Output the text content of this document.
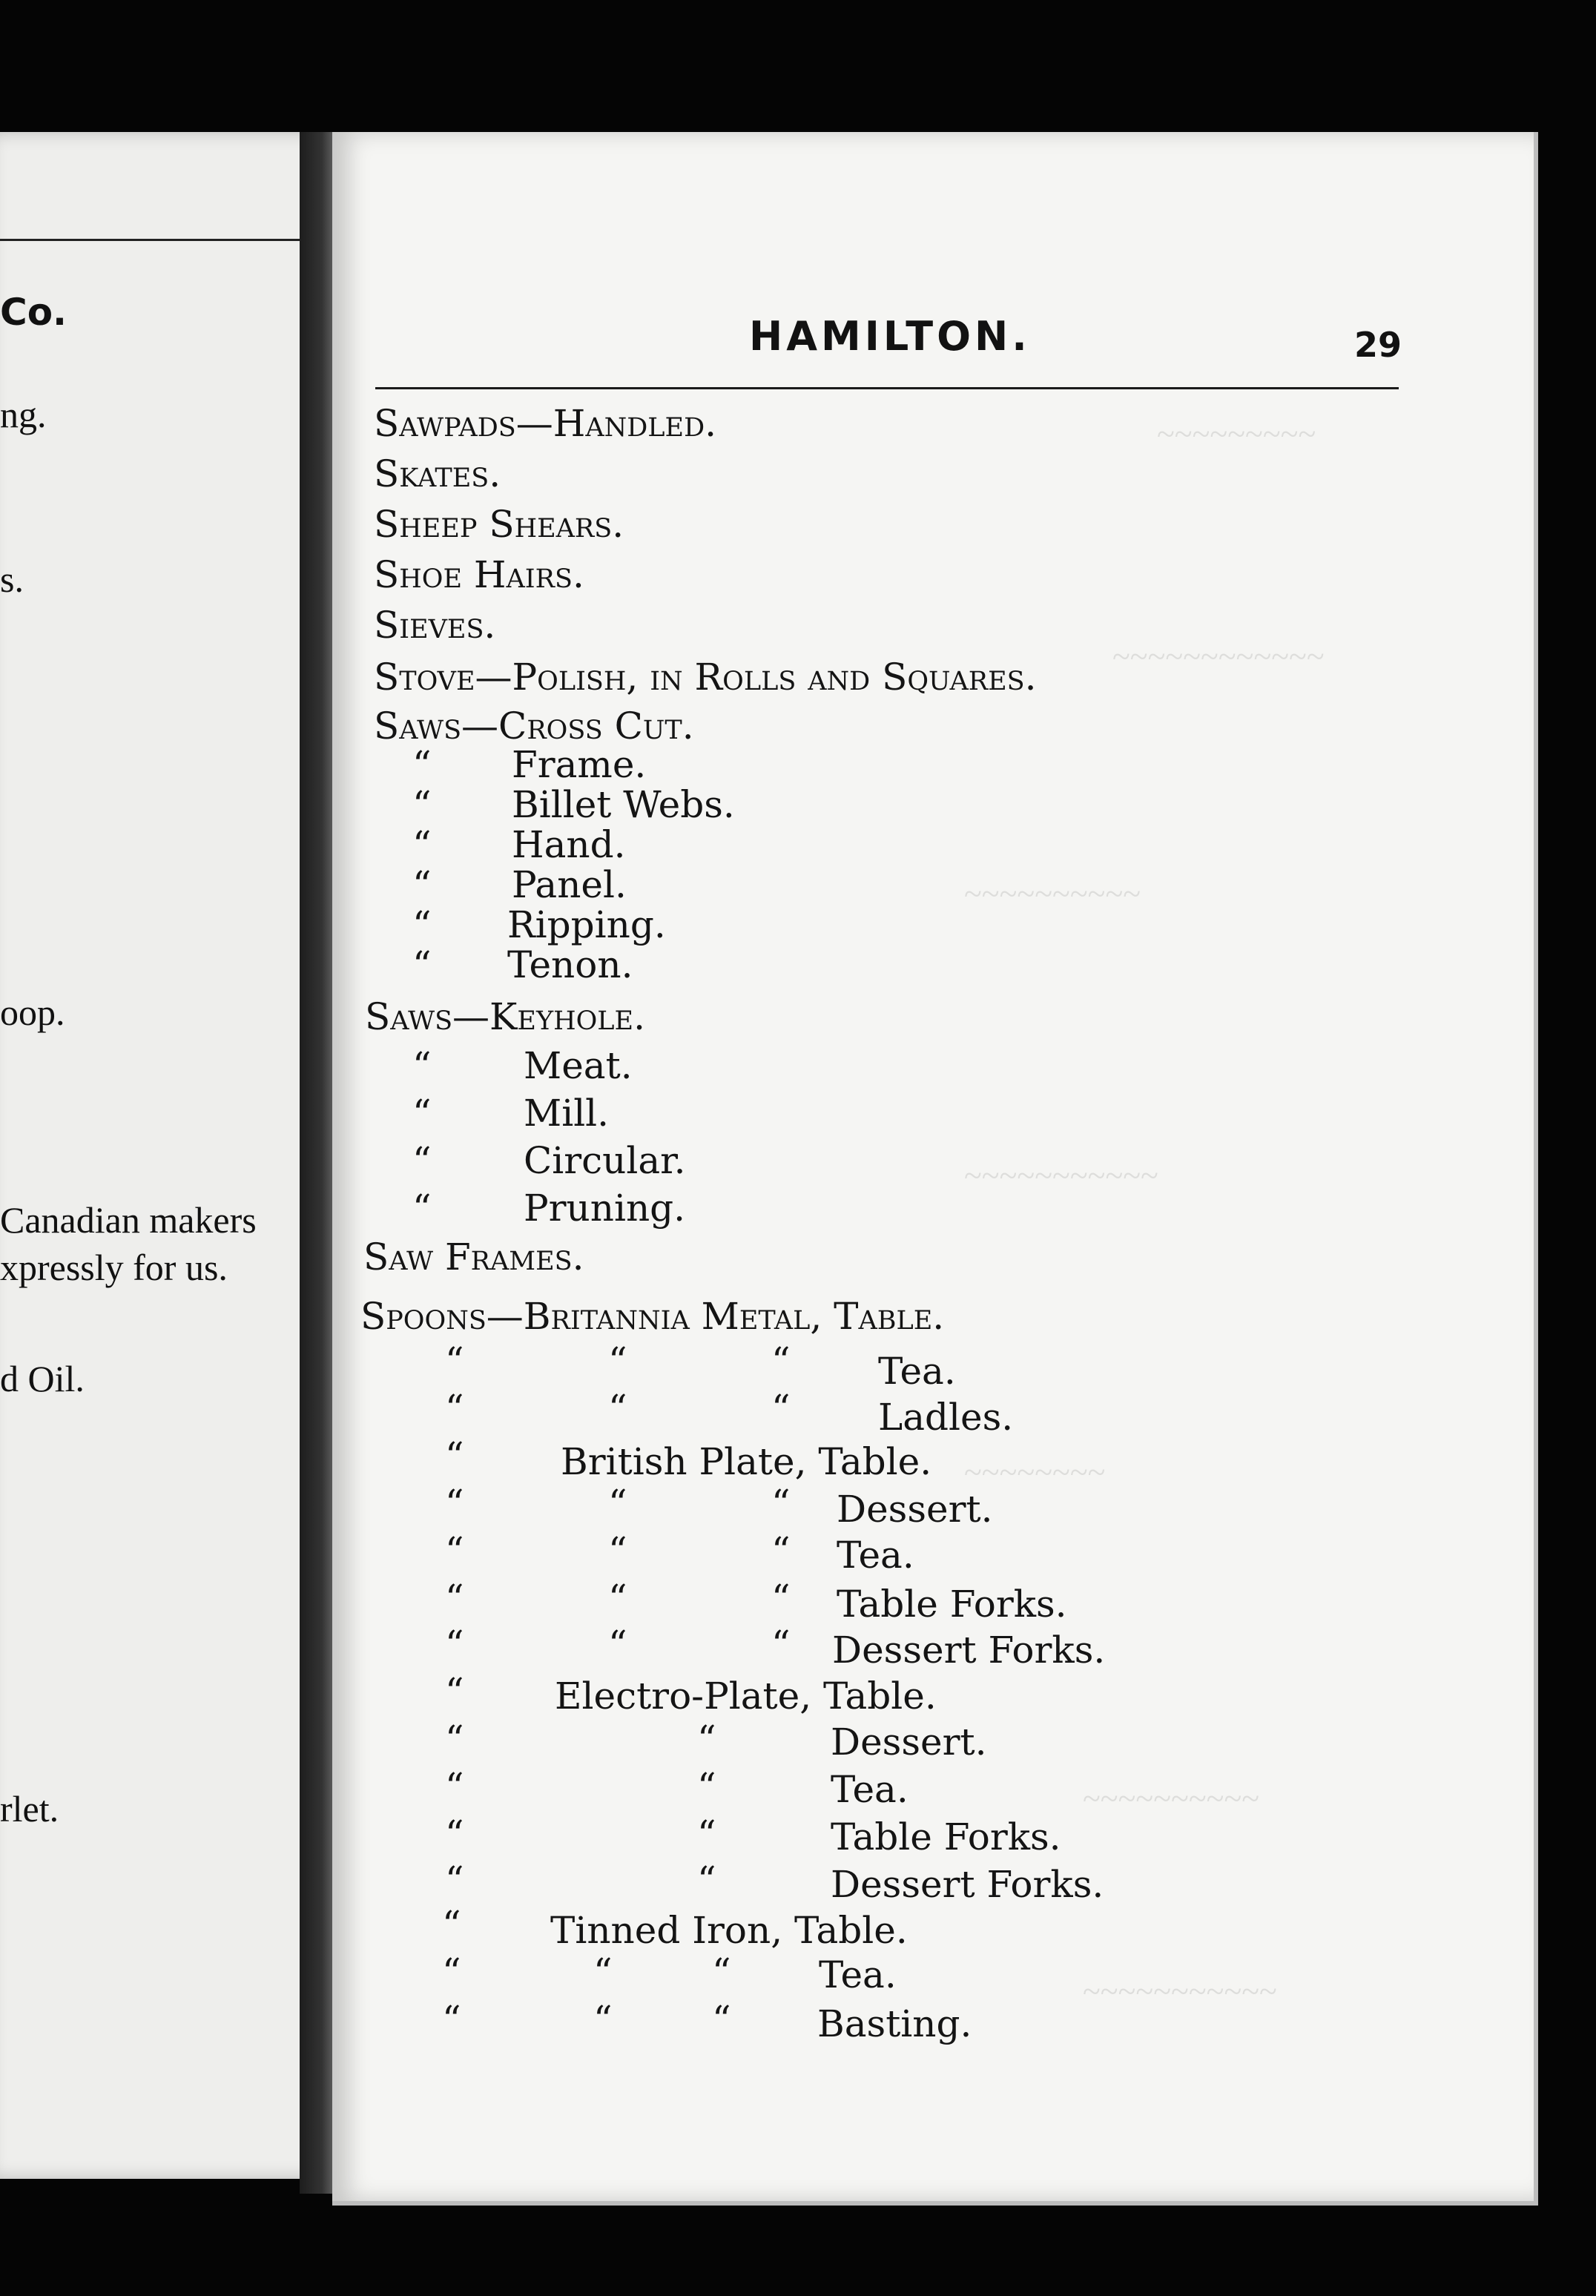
Co.
ng.
s.
oop.
Canadian makers
xpressly for us.
d Oil.
rlet.
~~~~~~~~~
~~~~~~~~~~~~
~~~~~~~~~~
~~~~~~~~~~~
~~~~~~~~
~~~~~~~~~~
~~~~~~~~~~~
HAMILTON.	29
Sawpads—Handled.
Skates.
Sheep Shears.
Shoe Hairs.
Sieves.
Stove—Polish, in Rolls and Squares.
Saws—Cross Cut.
“ Frame.
“ Billet Webs.
“ Hand.
“ Panel.
“ Ripping.
“ Tenon.
Saws—Keyhole.
“ Meat.
“ Mill.
“ Circular.
“ Pruning.
Saw Frames.
Spoons—Britannia Metal, Table.
“	“	“ Tea.
“	“	“ Ladles.
“	British Plate, Table.
“	“	“ Dessert.
“	“	“ Tea.
“	“	“ Table Forks.
“	“	“ Dessert Forks.
“ Electro-Plate, Table.
“	“	Dessert.
“	“	Tea.
“	“	Table Forks.
“	“	Dessert Forks.
“ Tinned Iron, Table.
“	“	“ Tea.
“	“	“ Basting.
